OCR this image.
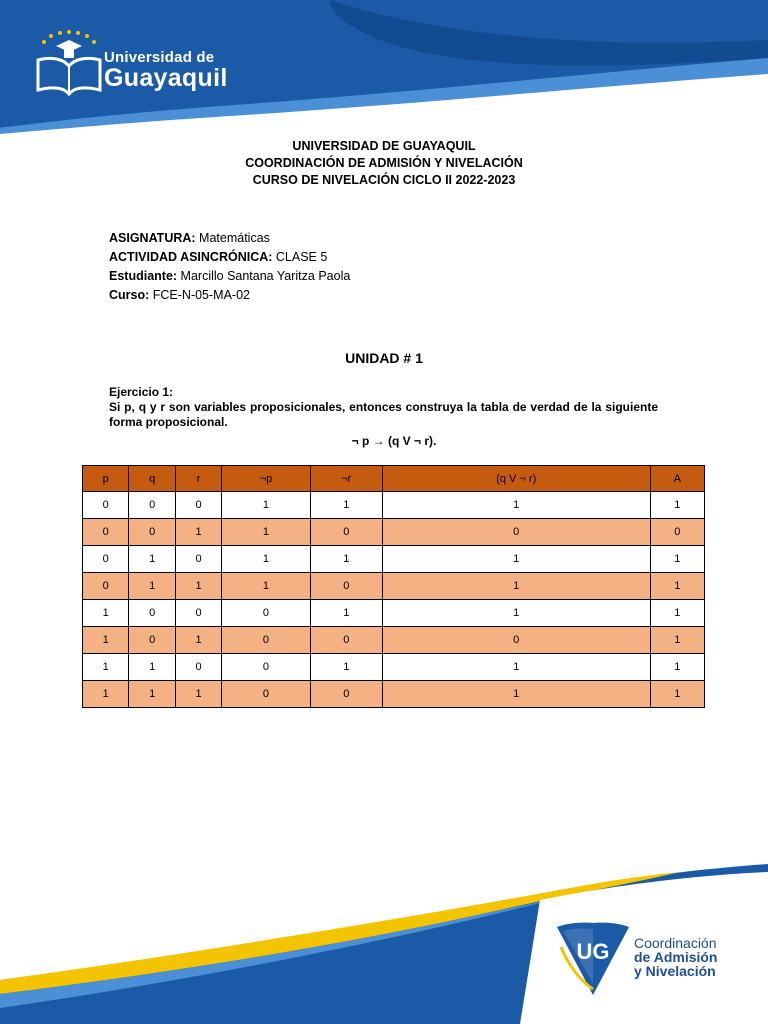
Universidad de
Guayaquil
UNIVERSIDAD DE GUAYAQUIL
COORDINACIÓN DE ADMISIÓN Y NIVELACIÓN
CURSO DE NIVELACIÓN CICLO II 2022-2023
ASIGNATURA: Matemáticas
ACTIVIDAD ASINCRÓNICA: CLASE 5
Estudiante: Marcillo Santana Yaritza Paola
Curso: FCE-N-05-MA-02
UNIDAD # 1
Ejercicio 1:
Si p, q y r son variables proposicionales, entonces construya la tabla de verdad de la siguiente forma proposicional.
¬ p → (q V ¬ r).
p	q	r	¬p	¬r	(q V ¬ r)	A
0	0	0	1	1	1	1
0	0	1	1	0	0	0
0	1	0	1	1	1	1
0	1	1	1	0	1	1
1	0	0	0	1	1	1
1	0	1	0	0	0	1
1	1	0	0	1	1	1
1	1	1	0	0	1	1
UG Coordinación
de Admisión
y Nivelación
